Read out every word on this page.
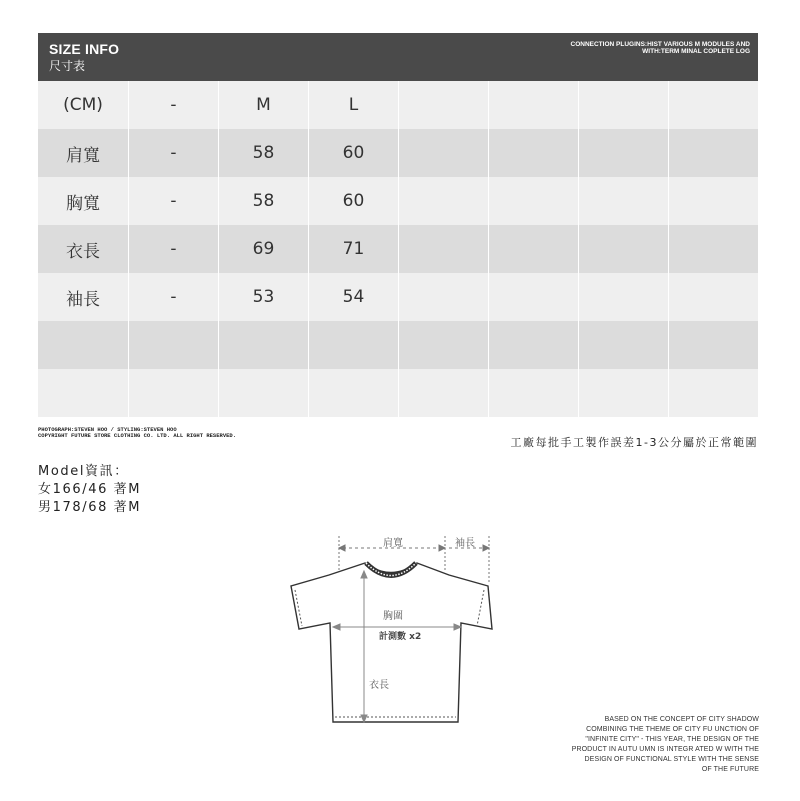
SIZE INFO
尺寸表
CONNECTION PLUGINS:HIST VARIOUS M MODULES AND
WITH:TERM MINAL COPLETE LOG
(CM)	-	M	L
肩寬	-	58	60
胸寬	-	58	60
衣長	-	69	71
袖長	-	53	54
PHOTOGRAPH:STEVEN HOO / STYLING:STEVEN HOO
COPYRIGHT FUTURE STORE CLOTHING CO. LTD. ALL RIGHT RESERVED.
工廠每批手工製作誤差1-3公分屬於正常範圍
Model資訊：
女166/46 著M
男178/68 著M
肩寬	袖長
胸圍
計測數 x2
衣長
BASED ON THE CONCEPT OF CITY SHADOW
COMBINING THE THEME OF CITY FU UNCTION OF
"INFINITE CITY" - THIS YEAR, THE DESIGN OF THE
PRODUCT IN AUTU UMN IS INTEGR ATED W WITH THE
DESIGN OF FUNCTIONAL STYLE WITH THE SENSE
OF THE FUTURE
